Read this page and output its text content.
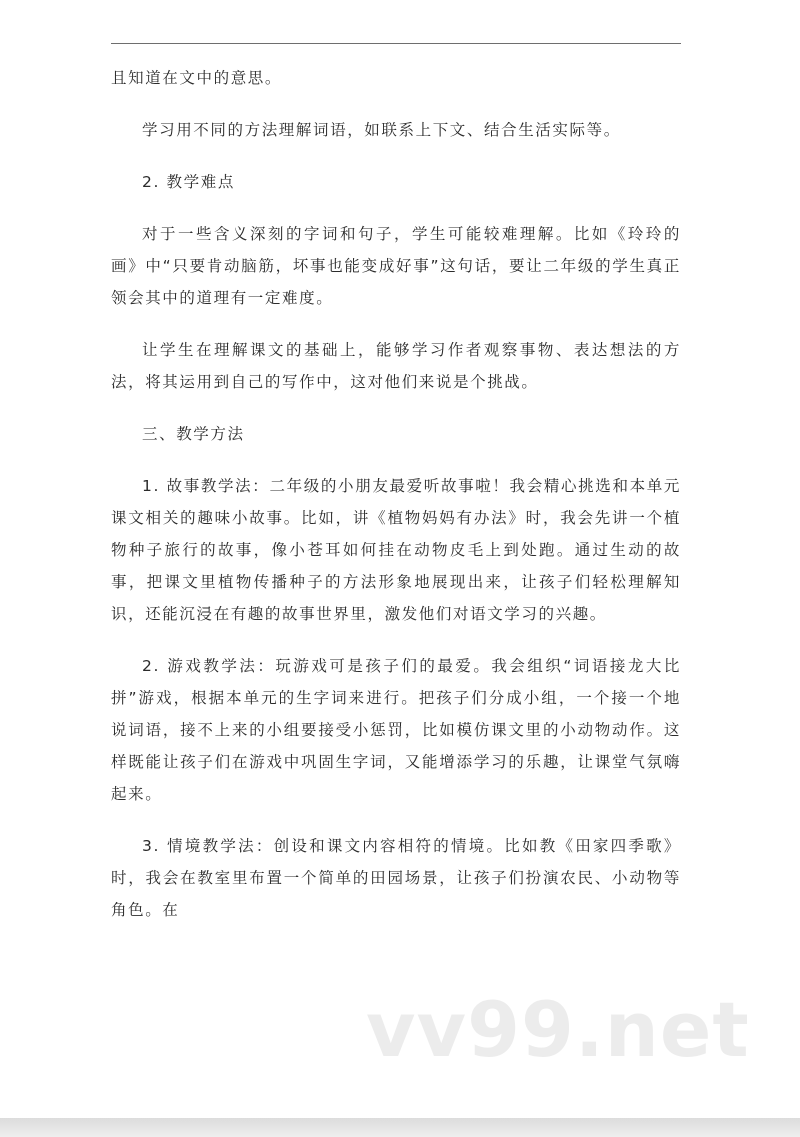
且知道在文中的意思。

学习用不同的方法理解词语，如联系上下文、结合生活实际等。

2. 教学难点

对于一些含义深刻的字词和句子，学生可能较难理解。比如《玲玲的画》中“只要肯动脑筋，坏事也能变成好事”这句话，要让二年级的学生真正领会其中的道理有一定难度。

让学生在理解课文的基础上，能够学习作者观察事物、表达想法的方法，将其运用到自己的写作中，这对他们来说是个挑战。

三、教学方法

1. 故事教学法：二年级的小朋友最爱听故事啦！我会精心挑选和本单元课文相关的趣味小故事。比如，讲《植物妈妈有办法》时，我会先讲一个植物种子旅行的故事，像小苍耳如何挂在动物皮毛上到处跑。通过生动的故事，把课文里植物传播种子的方法形象地展现出来，让孩子们轻松理解知识，还能沉浸在有趣的故事世界里，激发他们对语文学习的兴趣。

2. 游戏教学法：玩游戏可是孩子们的最爱。我会组织“词语接龙大比拼”游戏，根据本单元的生字词来进行。把孩子们分成小组，一个接一个地说词语，接不上来的小组要接受小惩罚，比如模仿课文里的小动物动作。这样既能让孩子们在游戏中巩固生字词，又能增添学习的乐趣，让课堂气氛嗨起来。

3. 情境教学法：创设和课文内容相符的情境。比如教《田家四季歌》时，我会在教室里布置一个简单的田园场景，让孩子们扮演农民、小动物等角色。在

vv99.net
